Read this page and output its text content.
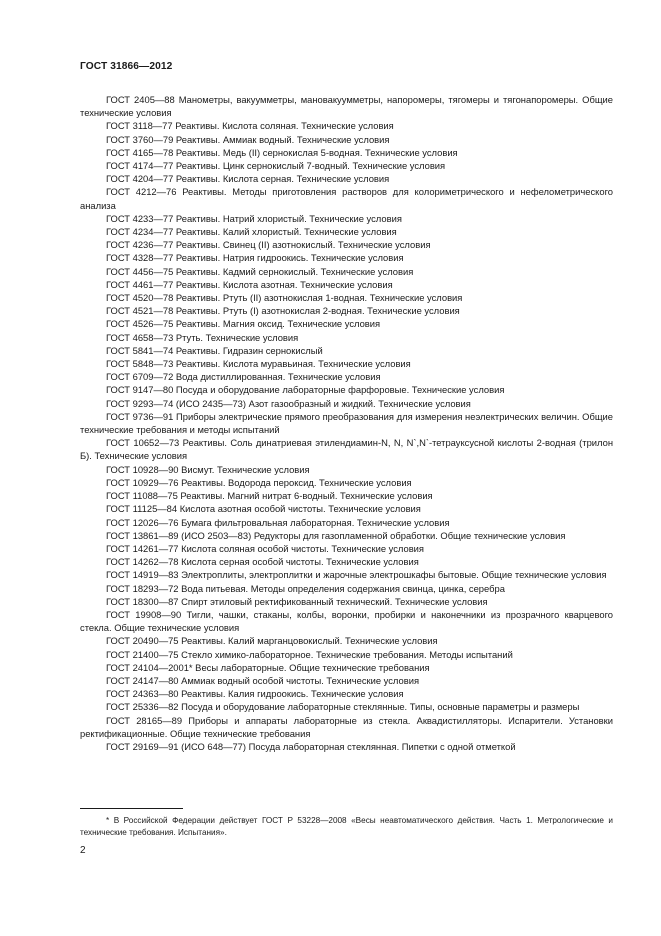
ГОСТ 31866—2012
ГОСТ 2405—88 Манометры, вакуумметры, мановакуумметры, напоромеры, тягомеры и тягонапоромеры. Общие технические условия
ГОСТ 3118—77 Реактивы. Кислота соляная. Технические условия
ГОСТ 3760—79 Реактивы. Аммиак водный. Технические условия
ГОСТ 4165—78 Реактивы. Медь (II) сернокислая 5-водная. Технические условия
ГОСТ 4174—77 Реактивы. Цинк сернокислый 7-водный. Технические условия
ГОСТ 4204—77 Реактивы. Кислота серная. Технические условия
ГОСТ 4212—76 Реактивы. Методы приготовления растворов для колориметрического и нефелометрического анализа
ГОСТ 4233—77 Реактивы. Натрий хлористый. Технические условия
ГОСТ 4234—77 Реактивы. Калий хлористый. Технические условия
ГОСТ 4236—77 Реактивы. Свинец (II) азотнокислый. Технические условия
ГОСТ 4328—77 Реактивы. Натрия гидроокись. Технические условия
ГОСТ 4456—75 Реактивы. Кадмий сернокислый. Технические условия
ГОСТ 4461—77 Реактивы. Кислота азотная. Технические условия
ГОСТ 4520—78 Реактивы. Ртуть (II) азотнокислая 1-водная. Технические условия
ГОСТ 4521—78 Реактивы. Ртуть (I) азотнокислая 2-водная. Технические условия
ГОСТ 4526—75 Реактивы. Магния оксид. Технические условия
ГОСТ 4658—73 Ртуть. Технические условия
ГОСТ 5841—74 Реактивы. Гидразин сернокислый
ГОСТ 5848—73 Реактивы. Кислота муравьиная. Технические условия
ГОСТ 6709—72 Вода дистиллированная. Технические условия
ГОСТ 9147—80 Посуда и оборудование лабораторные фарфоровые. Технические условия
ГОСТ 9293—74 (ИСО 2435—73) Азот газообразный и жидкий. Технические условия
ГОСТ 9736—91 Приборы электрические прямого преобразования для измерения неэлектрических величин. Общие технические требования и методы испытаний
ГОСТ 10652—73 Реактивы. Соль динатриевая этилендиамин-N, N, N`,N`-тетрауксусной кислоты 2-водная (трилон Б). Технические условия
ГОСТ 10928—90 Висмут. Технические условия
ГОСТ 10929—76 Реактивы. Водорода пероксид. Технические условия
ГОСТ 11088—75 Реактивы. Магний нитрат 6-водный. Технические условия
ГОСТ 11125—84 Кислота азотная особой чистоты. Технические условия
ГОСТ 12026—76 Бумага фильтровальная лабораторная. Технические условия
ГОСТ 13861—89 (ИСО 2503—83) Редукторы для газопламенной обработки. Общие технические условия
ГОСТ 14261—77 Кислота соляная особой чистоты. Технические условия
ГОСТ 14262—78 Кислота серная особой чистоты. Технические условия
ГОСТ 14919—83 Электроплиты, электроплитки и жарочные электрошкафы бытовые. Общие технические условия
ГОСТ 18293—72 Вода питьевая. Методы определения содержания свинца, цинка, серебра
ГОСТ 18300—87 Спирт этиловый ректификованный технический. Технические условия
ГОСТ 19908—90 Тигли, чашки, стаканы, колбы, воронки, пробирки и наконечники из прозрачного кварцевого стекла. Общие технические условия
ГОСТ 20490—75 Реактивы. Калий марганцовокислый. Технические условия
ГОСТ 21400—75 Стекло химико-лабораторное. Технические требования. Методы испытаний
ГОСТ 24104—2001* Весы лабораторные. Общие технические требования
ГОСТ 24147—80 Аммиак водный особой чистоты. Технические условия
ГОСТ 24363—80 Реактивы. Калия гидроокись. Технические условия
ГОСТ 25336—82 Посуда и оборудование лабораторные стеклянные. Типы, основные параметры и размеры
ГОСТ 28165—89 Приборы и аппараты лабораторные из стекла. Аквадистилляторы. Испарители. Установки ректификационные. Общие технические требования
ГОСТ 29169—91 (ИСО 648—77) Посуда лабораторная стеклянная. Пипетки с одной отметкой
* В Российской Федерации действует ГОСТ Р 53228—2008 «Весы неавтоматического действия. Часть 1. Метрологические и технические требования. Испытания».
2
